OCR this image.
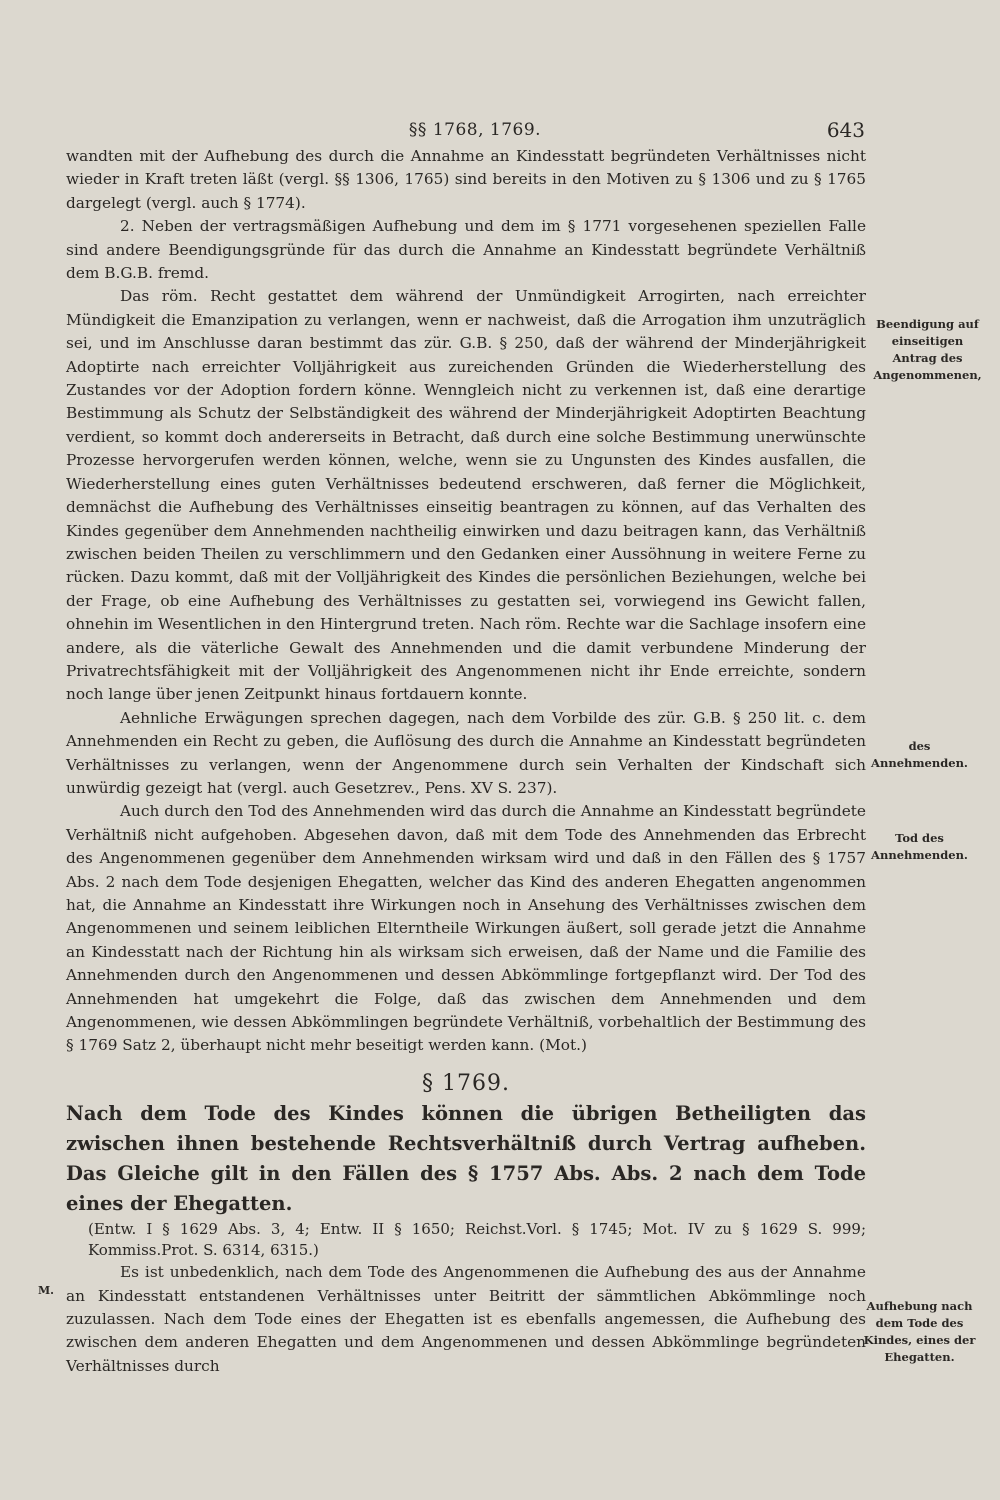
§§ 1768, 1769.	643

wandten mit der Aufhebung des durch die Annahme an Kindesstatt begründeten Verhältnisses nicht wieder in Kraft treten läßt (vergl. §§ 1306, 1765) sind bereits in den Motiven zu § 1306 und zu § 1765 dargelegt (vergl. auch § 1774).

2. Neben der vertragsmäßigen Aufhebung und dem im § 1771 vorgesehenen speziellen Falle sind andere Beendigungsgründe für das durch die Annahme an Kindesstatt begründete Verhältniß dem B.G.B. fremd.

Das röm. Recht gestattet dem während der Unmündigkeit Arrogirten, nach erreichter Mündigkeit die Emanzipation zu verlangen, wenn er nachweist, daß die Arrogation ihm unzuträglich sei, und im Anschlusse daran bestimmt das zür. G.B. § 250, daß der während der Minderjährigkeit Adoptirte nach erreichter Volljährigkeit aus zureichenden Gründen die Wiederherstellung des Zustandes vor der Adoption fordern könne. Wenngleich nicht zu verkennen ist, daß eine derartige Bestimmung als Schutz der Selbständigkeit des während der Minderjährigkeit Adoptirten Beachtung verdient, so kommt doch andererseits in Betracht, daß durch eine solche Bestimmung unerwünschte Prozesse hervorgerufen werden können, welche, wenn sie zu Ungunsten des Kindes ausfallen, die Wiederherstellung eines guten Verhältnisses bedeutend erschweren, daß ferner die Möglichkeit, demnächst die Aufhebung des Verhältnisses einseitig beantragen zu können, auf das Verhalten des Kindes gegenüber dem Annehmenden nachtheilig einwirken und dazu beitragen kann, das Verhältniß zwischen beiden Theilen zu verschlimmern und den Gedanken einer Aussöhnung in weitere Ferne zu rücken. Dazu kommt, daß mit der Volljährigkeit des Kindes die persönlichen Beziehungen, welche bei der Frage, ob eine Aufhebung des Verhältnisses zu gestatten sei, vorwiegend ins Gewicht fallen, ohnehin im Wesentlichen in den Hintergrund treten. Nach röm. Rechte war die Sachlage insofern eine andere, als die väterliche Gewalt des Annehmenden und die damit verbundene Minderung der Privatrechtsfähigkeit mit der Volljährigkeit des Angenommenen nicht ihr Ende erreichte, sondern noch lange über jenen Zeitpunkt hinaus fortdauern konnte.

Aehnliche Erwägungen sprechen dagegen, nach dem Vorbilde des zür. G.B. § 250 lit. c. dem Annehmenden ein Recht zu geben, die Auflösung des durch die Annahme an Kindesstatt begründeten Verhältnisses zu verlangen, wenn der Angenommene durch sein Verhalten der Kindschaft sich unwürdig gezeigt hat (vergl. auch Gesetzrev., Pens. XV S. 237).

Auch durch den Tod des Annehmenden wird das durch die Annahme an Kindesstatt begründete Verhältniß nicht aufgehoben. Abgesehen davon, daß mit dem Tode des Annehmenden das Erbrecht des Angenommenen gegenüber dem Annehmenden wirksam wird und daß in den Fällen des § 1757 Abs. 2 nach dem Tode desjenigen Ehegatten, welcher das Kind des anderen Ehegatten angenommen hat, die Annahme an Kindesstatt ihre Wirkungen noch in Ansehung des Verhältnisses zwischen dem Angenommenen und seinem leiblichen Elterntheile Wirkungen äußert, soll gerade jetzt die Annahme an Kindesstatt nach der Richtung hin als wirksam sich erweisen, daß der Name und die Familie des Annehmenden durch den Angenommenen und dessen Abkömmlinge fortgepflanzt wird. Der Tod des Annehmenden hat umgekehrt die Folge, daß das zwischen dem Annehmenden und dem Angenommenen, wie dessen Abkömmlingen begründete Verhältniß, vorbehaltlich der Bestimmung des § 1769 Satz 2, überhaupt nicht mehr beseitigt werden kann. (Mot.)

§ 1769.

Nach dem Tode des Kindes können die übrigen Betheiligten das zwischen ihnen bestehende Rechtsverhältniß durch Vertrag aufheben. Das Gleiche gilt in den Fällen des § 1757 Abs. Abs. 2 nach dem Tode eines der Ehegatten.

(Entw. I § 1629 Abs. 3, 4; Entw. II § 1650; Reichst.Vorl. § 1745; Mot. IV zu § 1629 S. 999; Kommiss.Prot. S. 6314, 6315.)

Es ist unbedenklich, nach dem Tode des Angenommenen die Aufhebung des aus der Annahme an Kindesstatt entstandenen Verhältnisses unter Beitritt der sämmtlichen Abkömmlinge noch zuzulassen. Nach dem Tode eines der Ehegatten ist es ebenfalls angemessen, die Aufhebung des zwischen dem anderen Ehegatten und dem Angenommenen und dessen Abkömmlinge begründeten Verhältnisses durch

M.
Beendigung auf einseitigen Antrag des Angenommenen,
des Annehmenden.
Tod des Annehmenden.
Aufhebung nach dem Tode des Kindes, eines der Ehegatten.
